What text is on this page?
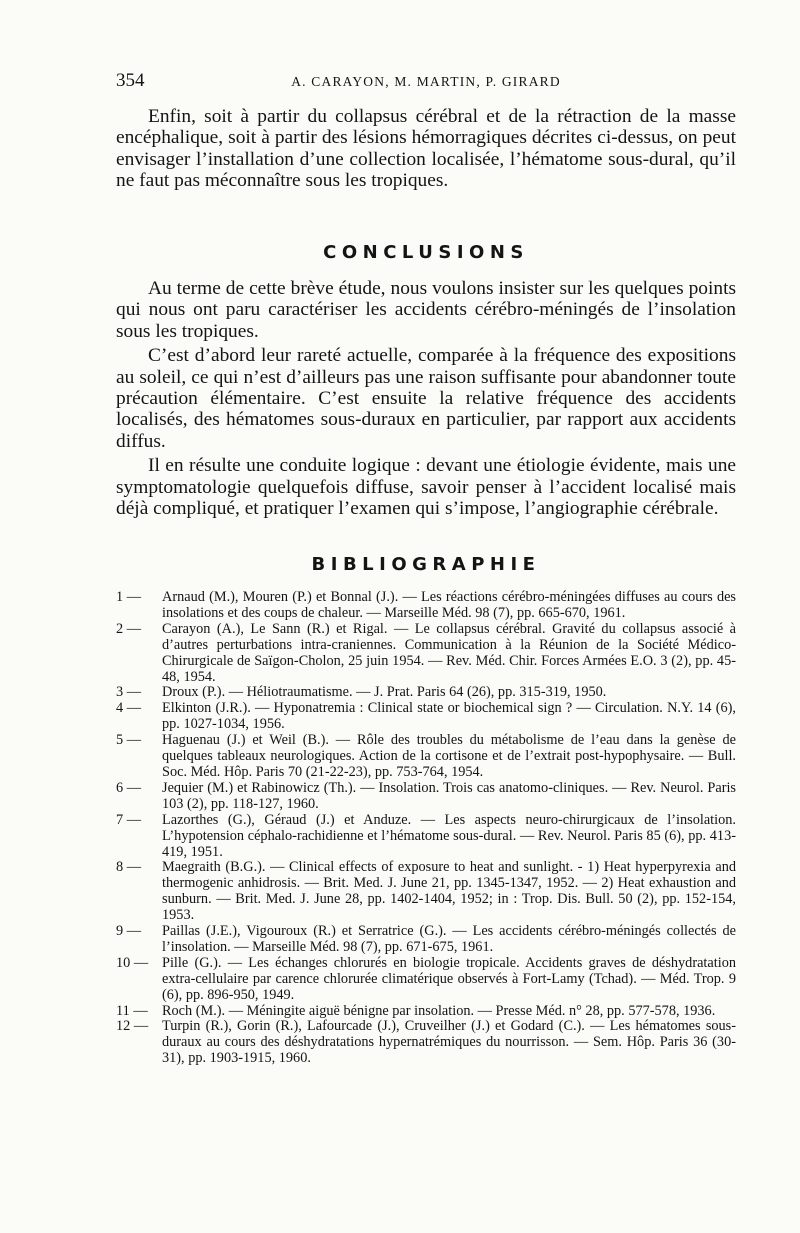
354	A. CARAYON, M. MARTIN, P. GIRARD

Enfin, soit à partir du collapsus cérébral et de la rétraction de la masse encéphalique, soit à partir des lésions hémorragiques décrites ci-dessus, on peut envisager l’installation d’une collection localisée, l’hématome sous-dural, qu’il ne faut pas méconnaître sous les tropiques.

CONCLUSIONS

Au terme de cette brève étude, nous voulons insister sur les quelques points qui nous ont paru caractériser les accidents cérébro-méningés de l’insolation sous les tropiques.

C’est d’abord leur rareté actuelle, comparée à la fréquence des expositions au soleil, ce qui n’est d’ailleurs pas une raison suffisante pour abandonner toute précaution élémentaire. C’est ensuite la relative fréquence des accidents localisés, des hématomes sous-duraux en particulier, par rapport aux accidents diffus.

Il en résulte une conduite logique : devant une étiologie évidente, mais une symptomatologie quelquefois diffuse, savoir penser à l’accident localisé mais déjà compliqué, et pratiquer l’examen qui s’impose, l’angiographie cérébrale.

BIBLIOGRAPHIE
1 —	Arnaud (M.), Mouren (P.) et Bonnal (J.). — Les réactions cérébro-méningées diffuses au cours des insolations et des coups de chaleur. — Marseille Méd. 98 (7), pp. 665-670, 1961.
2 —	Carayon (A.), Le Sann (R.) et Rigal. — Le collapsus cérébral. Gravité du collapsus associé à d’autres perturbations intra-craniennes. Communication à la Réunion de la Société Médico-Chirurgicale de Saïgon-Cholon, 25 juin 1954. — Rev. Méd. Chir. Forces Armées E.O. 3 (2), pp. 45-48, 1954.
3 —	Droux (P.). — Héliotraumatisme. — J. Prat. Paris 64 (26), pp. 315-319, 1950.
4 —	Elkinton (J.R.). — Hyponatremia : Clinical state or biochemical sign ? — Circulation. N.Y. 14 (6), pp. 1027-1034, 1956.
5 —	Haguenau (J.) et Weil (B.). — Rôle des troubles du métabolisme de l’eau dans la genèse de quelques tableaux neurologiques. Action de la cortisone et de l’extrait post-hypophysaire. — Bull. Soc. Méd. Hôp. Paris 70 (21-22-23), pp. 753-764, 1954.
6 —	Jequier (M.) et Rabinowicz (Th.). — Insolation. Trois cas anatomo-cliniques. — Rev. Neurol. Paris 103 (2), pp. 118-127, 1960.
7 —	Lazorthes (G.), Géraud (J.) et Anduze. — Les aspects neuro-chirurgicaux de l’insolation. L’hypotension céphalo-rachidienne et l’hématome sous-dural. — Rev. Neurol. Paris 85 (6), pp. 413-419, 1951.
8 —	Maegraith (B.G.). — Clinical effects of exposure to heat and sunlight. - 1) Heat hyperpyrexia and thermogenic anhidrosis. — Brit. Med. J. June 21, pp. 1345-1347, 1952. — 2) Heat exhaustion and sunburn. — Brit. Med. J. June 28, pp. 1402-1404, 1952; in : Trop. Dis. Bull. 50 (2), pp. 152-154, 1953.
9 —	Paillas (J.E.), Vigouroux (R.) et Serratrice (G.). — Les accidents cérébro-méningés collectés de l’insolation. — Marseille Méd. 98 (7), pp. 671-675, 1961.
10 — Pille (G.). — Les échanges chlorurés en biologie tropicale. Accidents graves de déshydratation extra-cellulaire par carence chlorurée climatérique observés à Fort-Lamy (Tchad). — Méd. Trop. 9 (6), pp. 896-950, 1949.
11 —	Roch (M.). — Méningite aiguë bénigne par insolation. — Presse Méd. n° 28, pp. 577-578, 1936.
12 — Turpin (R.), Gorin (R.), Lafourcade (J.), Cruveilher (J.) et Godard (C.). — Les hématomes sous-duraux au cours des déshydratations hypernatrémiques du nourrisson. — Sem. Hôp. Paris 36 (30-31), pp. 1903-1915, 1960.
